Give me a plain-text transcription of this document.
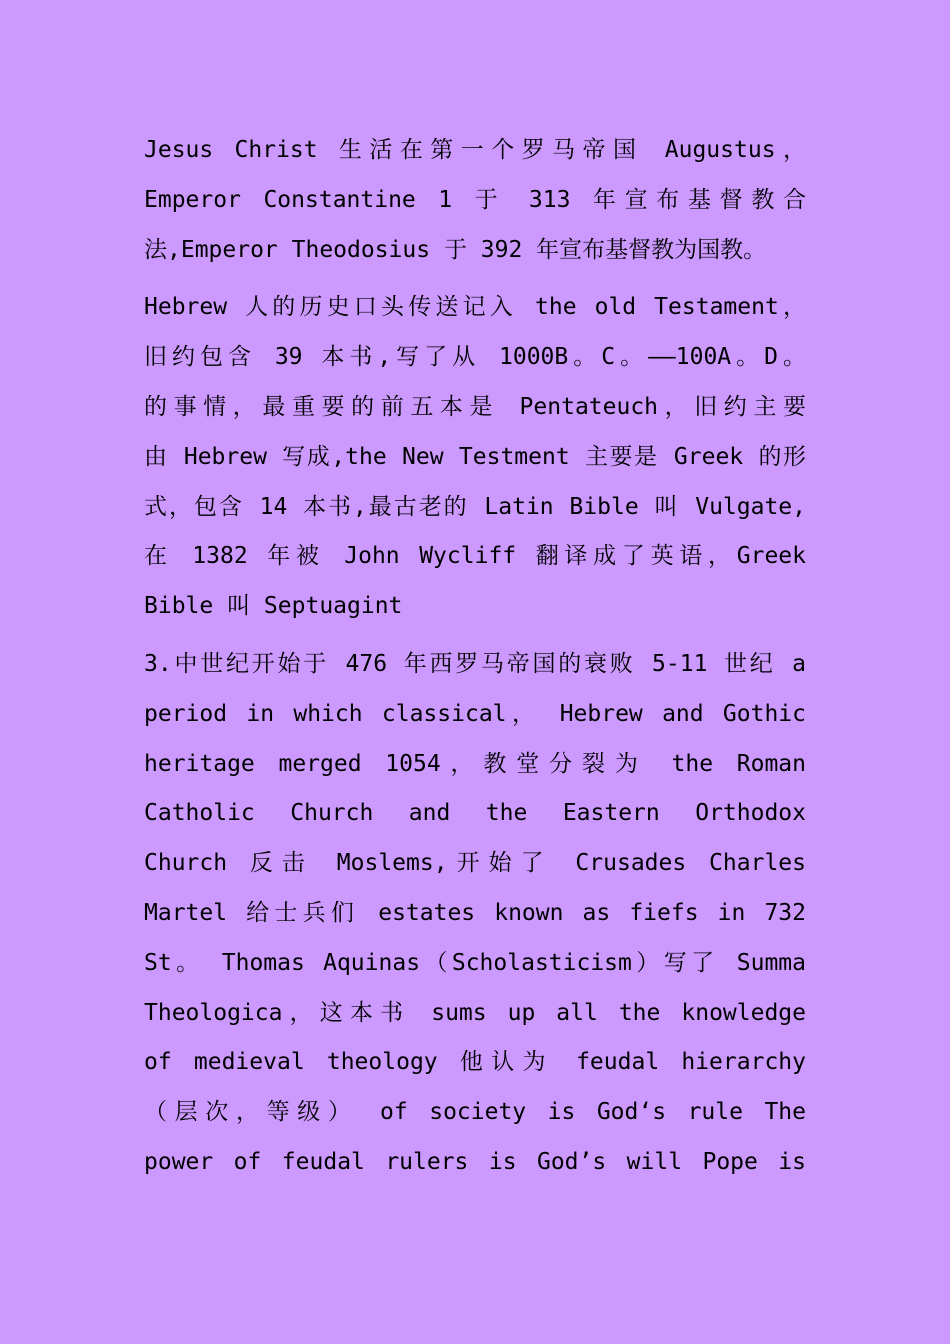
Jesus Christ 生活在第一个罗马帝国 Augustus，
Emperor Constantine 1 于 313 年宣布基督教合
法,Emperor Theodosius 于 392 年宣布基督教为国教。
Hebrew 人的历史口头传送记入 the old Testament，
旧约包含 39 本书,写了从 1000B。C。——100A。D。
的事情，最重要的前五本是 Pentateuch，旧约主要
由 Hebrew 写成,the New Testment 主要是 Greek 的形
式，包含 14 本书,最古老的 Latin Bible 叫 Vulgate,
在 1382 年被 John Wycliff 翻译成了英语，Greek
Bible 叫 Septuagint
3.中世纪开始于 476 年西罗马帝国的衰败 5-11 世纪 a
period in which classical， Hebrew and Gothic
heritage merged 1054，教堂分裂为 the Roman
Catholic Church and the Eastern Orthodox
Church 反击 Moslems,开始了 Crusades Charles
Martel 给士兵们 estates known as fiefs in 732
St。 Thomas Aquinas（Scholasticism）写了 Summa
Theologica，这本书 sums up all the knowledge
of medieval theology 他认为 feudal hierarchy
（层次，等级） of society is God‘s rule The
power of feudal rulers is God’s will Pope is
